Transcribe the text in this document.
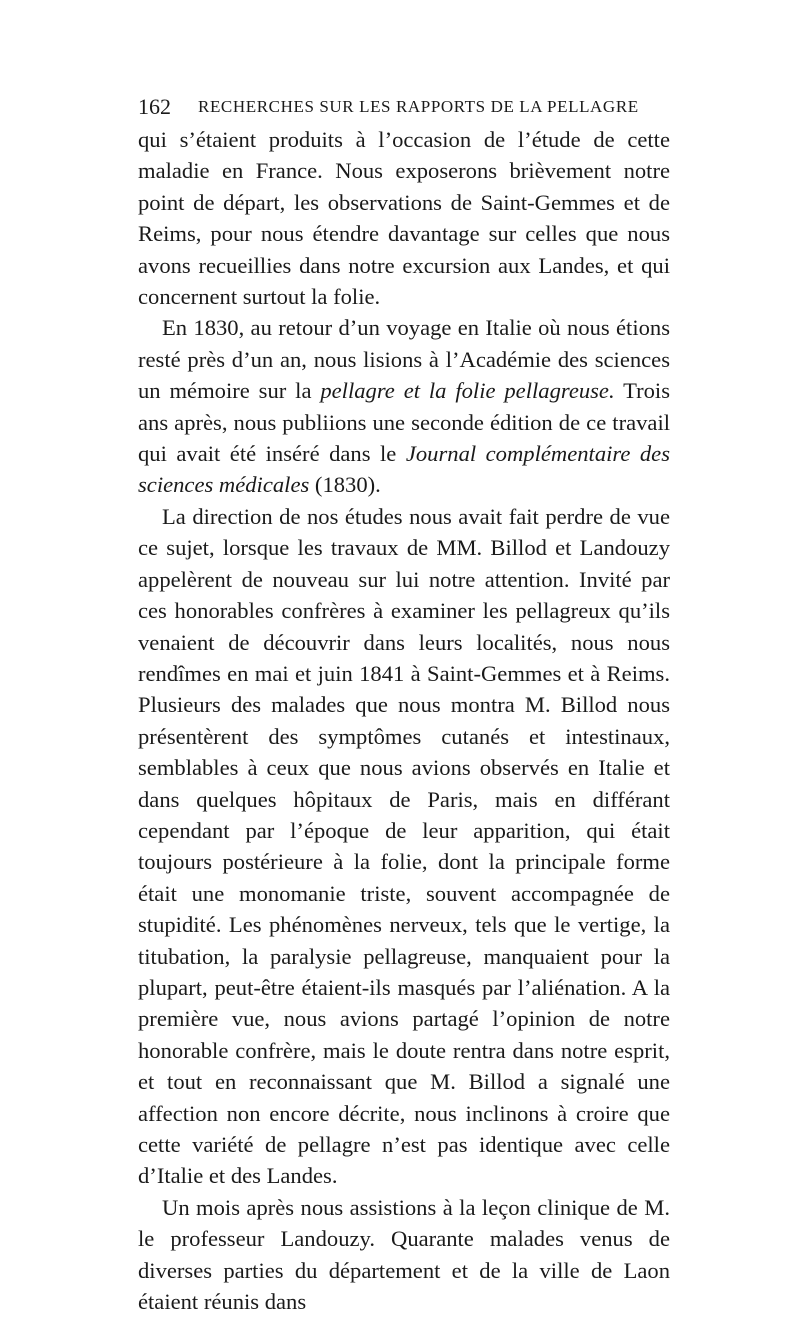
162 RECHERCHES SUR LES RAPPORTS DE LA PELLAGRE

qui s’étaient produits à l’occasion de l’étude de cette maladie en France. Nous exposerons brièvement notre point de départ, les observations de Saint-Gemmes et de Reims, pour nous étendre davantage sur celles que nous avons recueillies dans notre excursion aux Landes, et qui concernent surtout la folie.

En 1830, au retour d’un voyage en Italie où nous étions resté près d’un an, nous lisions à l’Académie des sciences un mémoire sur la pellagre et la folie pellagreuse. Trois ans après, nous publiions une seconde édition de ce travail qui avait été inséré dans le Journal complémentaire des sciences médicales (1830).

La direction de nos études nous avait fait perdre de vue ce sujet, lorsque les travaux de MM. Billod et Landouzy appelèrent de nouveau sur lui notre attention. Invité par ces honorables confrères à examiner les pellagreux qu’ils venaient de découvrir dans leurs localités, nous nous rendîmes en mai et juin 1841 à Saint-Gemmes et à Reims. Plusieurs des malades que nous montra M. Billod nous présentèrent des symptômes cutanés et intestinaux, semblables à ceux que nous avions observés en Italie et dans quelques hôpitaux de Paris, mais en différant cependant par l’époque de leur apparition, qui était toujours postérieure à la folie, dont la principale forme était une monomanie triste, souvent accompagnée de stupidité. Les phénomènes nerveux, tels que le vertige, la titubation, la paralysie pellagreuse, manquaient pour la plupart, peut-être étaient-ils masqués par l’aliénation. A la première vue, nous avions partagé l’opinion de notre honorable confrère, mais le doute rentra dans notre esprit, et tout en reconnaissant que M. Billod a signalé une affection non encore décrite, nous inclinons à croire que cette variété de pellagre n’est pas identique avec celle d’Italie et des Landes.

Un mois après nous assistions à la leçon clinique de M. le professeur Landouzy. Quarante malades venus de diverses parties du département et de la ville de Laon étaient réunis dans
